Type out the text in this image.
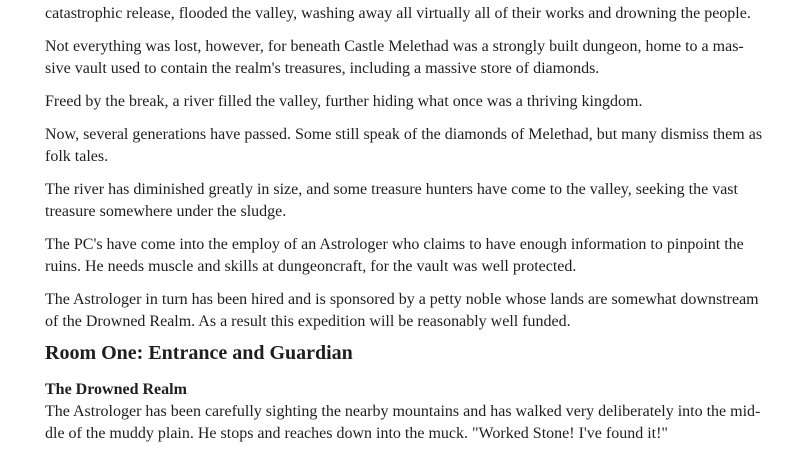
catastrophic release, flooded the valley, washing away all virtually all of their works and drowning the people.

Not everything was lost, however, for beneath Castle Melethad was a strongly built dungeon, home to a mas-
sive vault used to contain the realm's treasures, including a massive store of diamonds.

Freed by the break, a river filled the valley, further hiding what once was a thriving kingdom.

Now, several generations have passed. Some still speak of the diamonds of Melethad, but many dismiss them as
folk tales.

The river has diminished greatly in size, and some treasure hunters have come to the valley, seeking the vast
treasure somewhere under the sludge.

The PC's have come into the employ of an Astrologer who claims to have enough information to pinpoint the
ruins. He needs muscle and skills at dungeoncraft, for the vault was well protected.

The Astrologer in turn has been hired and is sponsored by a petty noble whose lands are somewhat downstream
of the Drowned Realm. As a result this expedition will be reasonably well funded.

Room One: Entrance and Guardian
The Drowned Realm

The Astrologer has been carefully sighting the nearby mountains and has walked very deliberately into the mid-
dle of the muddy plain. He stops and reaches down into the muck. "Worked Stone! I've found it!"
